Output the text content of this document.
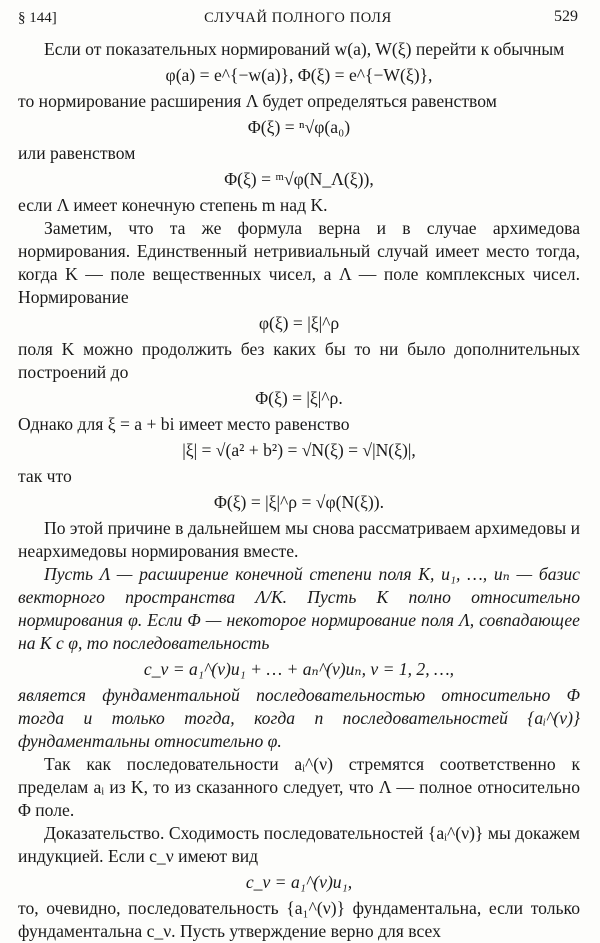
§ 144]	СЛУЧАЙ ПОЛНОГО ПОЛЯ	529

Если от показательных нормирований w(a), W(ξ) перейти к обычным

φ(a) = e^{−w(a)}, Φ(ξ) = e^{−W(ξ)},

то нормирование расширения Λ будет определяться равенством

Φ(ξ) = ⁿ√φ(a₀)

или равенством

Φ(ξ) = ᵐ√φ(N_Λ(ξ)),

если Λ имеет конечную степень m над K.

Заметим, что та же формула верна и в случае архимедова нормирования. Единственный нетривиальный случай имеет место тогда, когда K — поле вещественных чисел, а Λ — поле комплексных чисел. Нормирование

φ(ξ) = |ξ|^ρ

поля K можно продолжить без каких бы то ни было дополнительных построений до

Φ(ξ) = |ξ|^ρ.

Однако для ξ = a + bi имеет место равенство

|ξ| = √(a² + b²) = √N(ξ) = √|N(ξ)|,

так что

Φ(ξ) = |ξ|^ρ = √φ(N(ξ)).

По этой причине в дальнейшем мы снова рассматриваем архимедовы и неархимедовы нормирования вместе.

Пусть Λ — расширение конечной степени поля K, u₁, …, uₙ — базис векторного пространства Λ/K. Пусть K полно относительно нормирования φ. Если Φ — некоторое нормирование поля Λ, совпадающее на K с φ, то последовательность

c_ν = a₁^(ν)u₁ + … + aₙ^(ν)uₙ, ν = 1, 2, …,

является фундаментальной последовательностью относительно Φ тогда и только тогда, когда n последовательностей {aᵢ^(ν)} фундаментальны относительно φ.

Так как последовательности aᵢ^(ν) стремятся соответственно к пределам aᵢ из K, то из сказанного следует, что Λ — полное относительно Φ поле.

Доказательство. Сходимость последовательностей {aᵢ^(ν)} мы докажем индукцией. Если c_ν имеют вид

c_ν = a₁^(ν)u₁,

то, очевидно, последовательность {a₁^(ν)} фундаментальна, если только фундаментальна c_ν. Пусть утверждение верно для всех
